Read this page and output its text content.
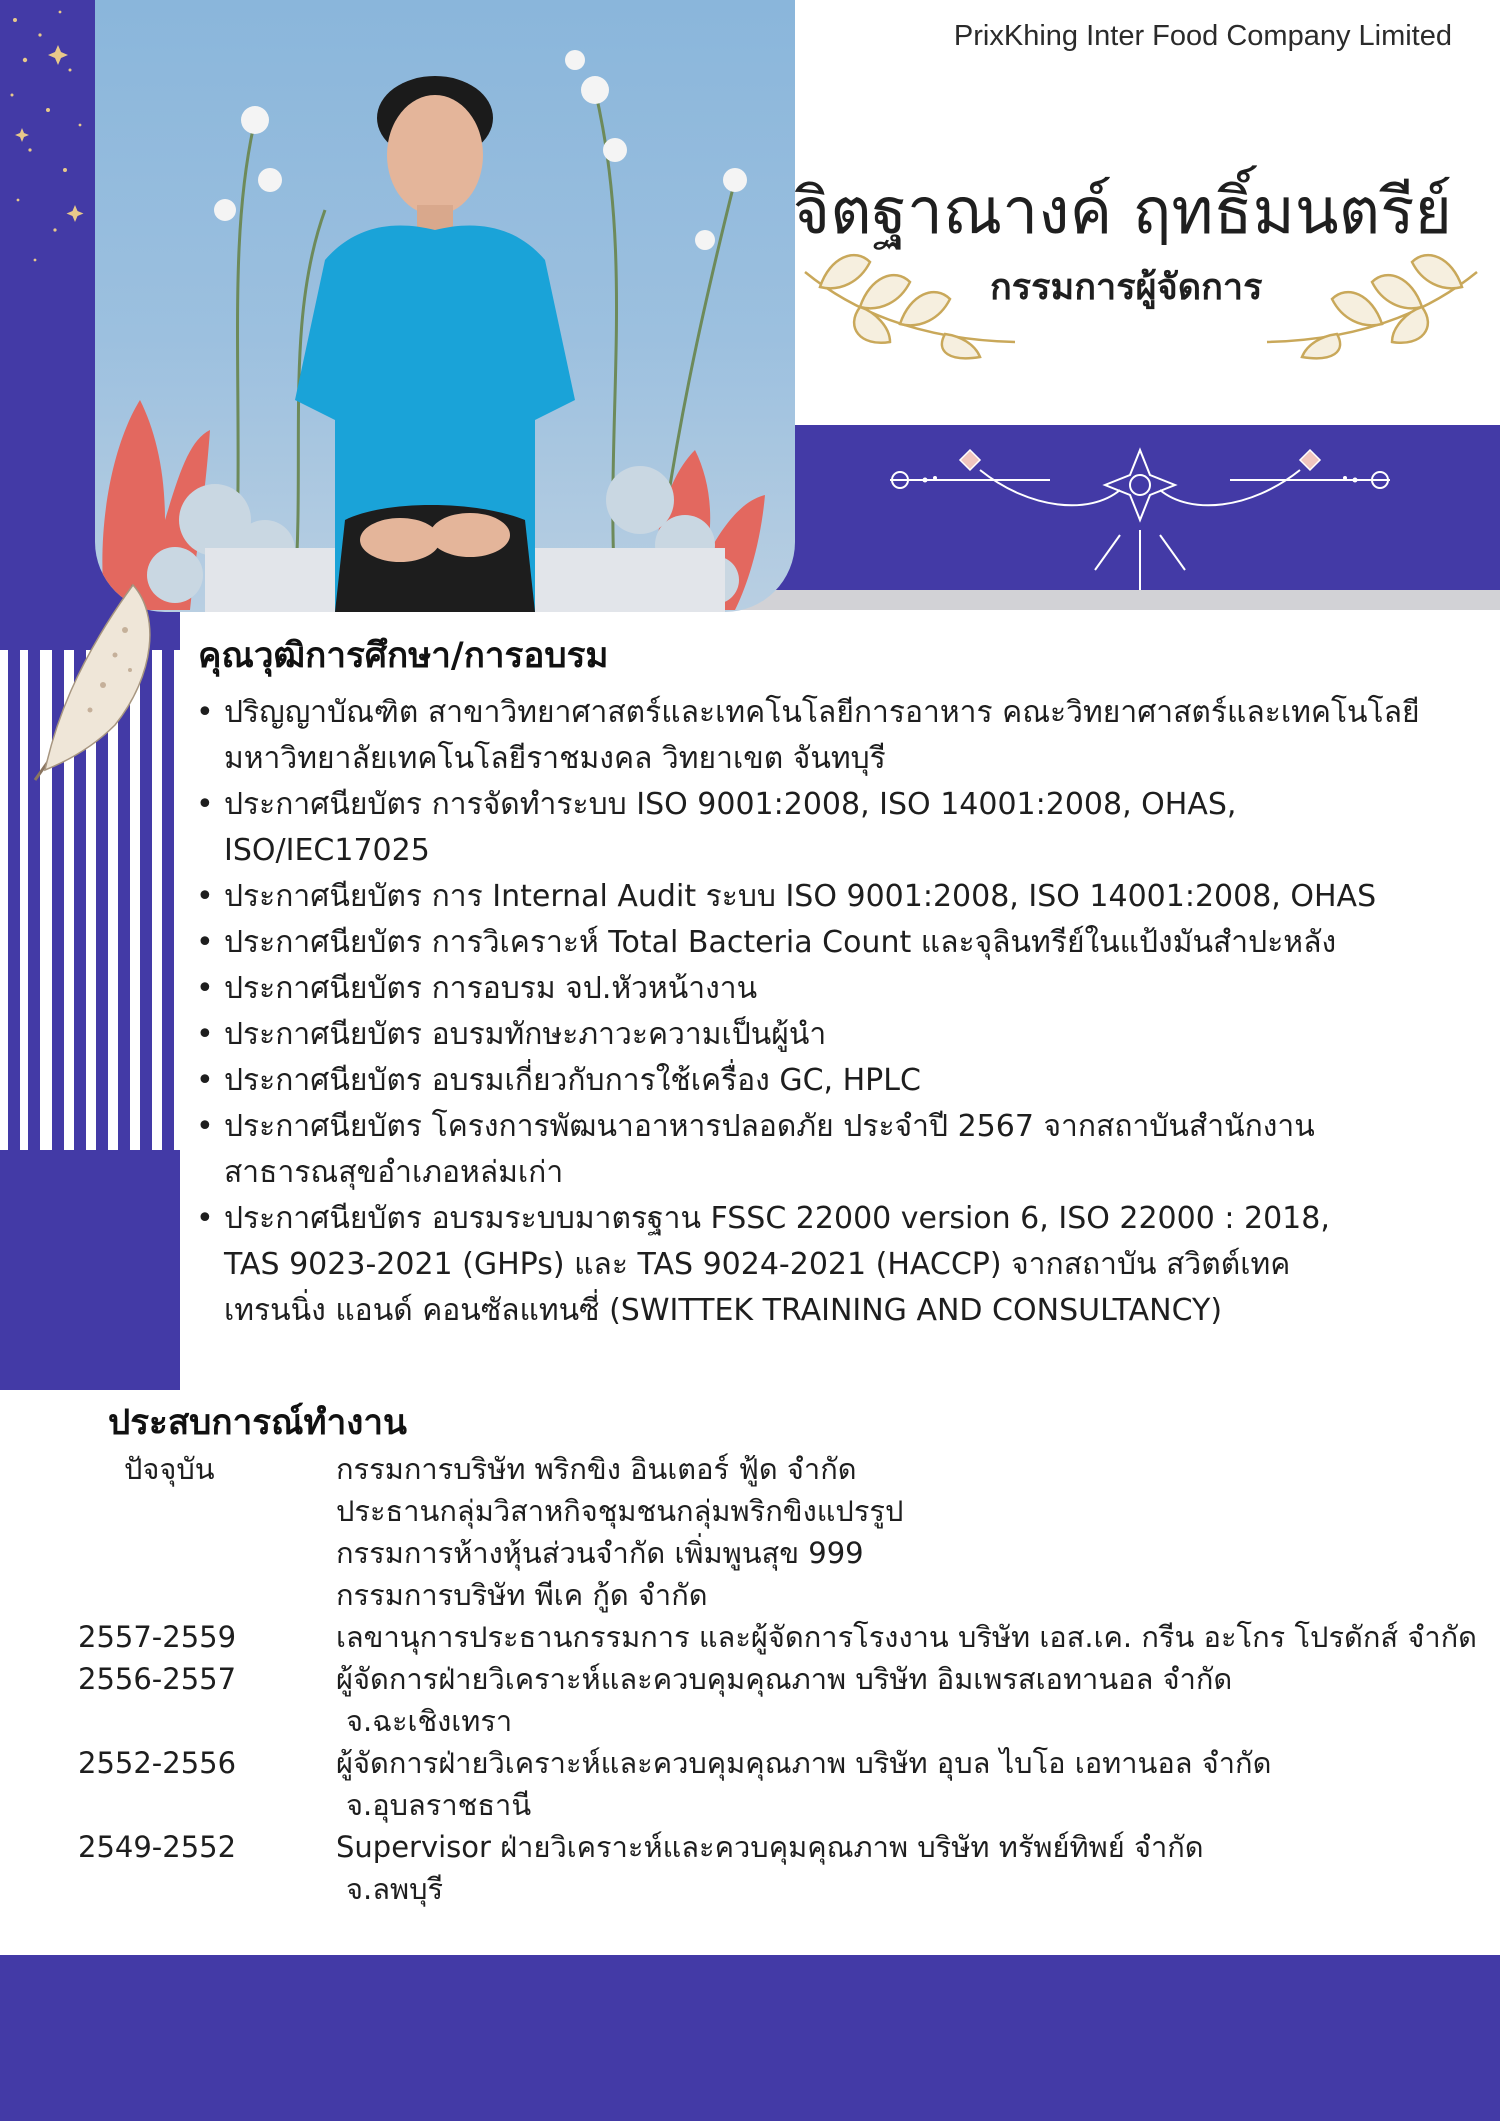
PrixKhing Inter Food Company Limited
จิตฐาณางค์ ฤทธิ์มนตรีย์
กรรมการผู้จัดการ
คุณวุฒิการศึกษา/การอบรม
• ปริญญาบัณฑิต สาขาวิทยาศาสตร์และเทคโนโลยีการอาหาร คณะวิทยาศาสตร์และเทคโนโลยี
มหาวิทยาลัยเทคโนโลยีราชมงคล วิทยาเขต จันทบุรี
• ประกาศนียบัตร การจัดทำระบบ ISO 9001:2008, ISO 14001:2008, OHAS,
ISO/IEC17025
• ประกาศนียบัตร การ Internal Audit ระบบ ISO 9001:2008, ISO 14001:2008, OHAS
• ประกาศนียบัตร การวิเคราะห์ Total Bacteria Count และจุลินทรีย์ในแป้งมันสำปะหลัง
• ประกาศนียบัตร การอบรม จป.หัวหน้างาน
• ประกาศนียบัตร อบรมทักษะภาวะความเป็นผู้นำ
• ประกาศนียบัตร อบรมเกี่ยวกับการใช้เครื่อง GC, HPLC
• ประกาศนียบัตร โครงการพัฒนาอาหารปลอดภัย ประจำปี 2567 จากสถาบันสำนักงาน
สาธารณสุขอำเภอหล่มเก่า
• ประกาศนียบัตร อบรมระบบมาตรฐาน FSSC 22000 version 6, ISO 22000 : 2018,
TAS 9023-2021 (GHPs) และ TAS 9024-2021 (HACCP) จากสถาบัน สวิตต์เทค
เทรนนิ่ง แอนด์ คอนซัลแทนซี่ (SWITTEK TRAINING AND CONSULTANCY)
ประสบการณ์ทำงาน
ปัจจุบัน	กรรมการบริษัท พริกขิง อินเตอร์ ฟู้ด จำกัด
ประธานกลุ่มวิสาหกิจชุมชนกลุ่มพริกขิงแปรรูป
กรรมการห้างหุ้นส่วนจำกัด เพิ่มพูนสุข 999
กรรมการบริษัท พีเค กู้ด จำกัด
2557-2559	เลขานุการประธานกรรมการ และผู้จัดการโรงงาน บริษัท เอส.เค. กรีน อะโกร โปรดักส์ จำกัด
2556-2557	ผู้จัดการฝ่ายวิเคราะห์และควบคุมคุณภาพ บริษัท อิมเพรสเอทานอล จำกัด
จ.ฉะเชิงเทรา
2552-2556	ผู้จัดการฝ่ายวิเคราะห์และควบคุมคุณภาพ บริษัท อุบล ไบโอ เอทานอล จำกัด
จ.อุบลราชธานี
2549-2552	Supervisor ฝ่ายวิเคราะห์และควบคุมคุณภาพ บริษัท ทรัพย์ทิพย์ จำกัด
จ.ลพบุรี
